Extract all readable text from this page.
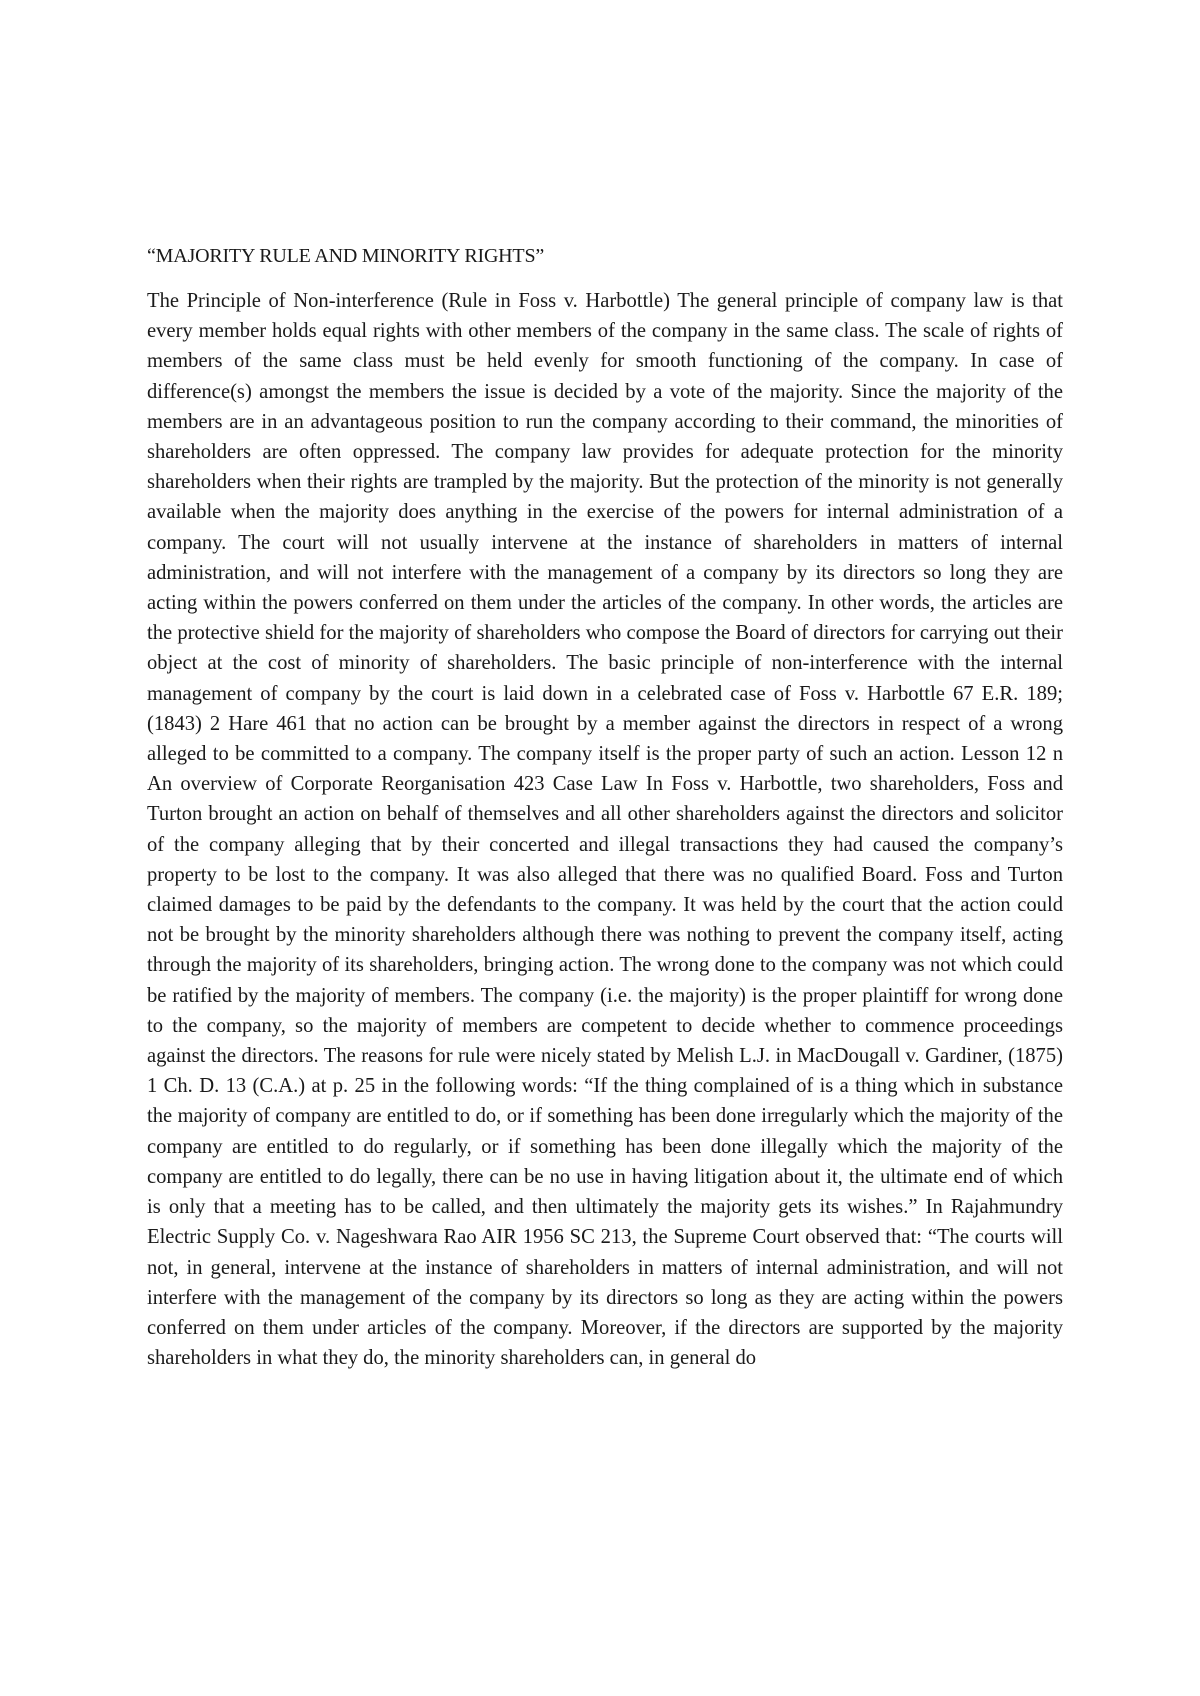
“MAJORITY RULE AND MINORITY RIGHTS”

The Principle of Non-interference (Rule in Foss v. Harbottle) The general principle of company law is that every member holds equal rights with other members of the company in the same class. The scale of rights of members of the same class must be held evenly for smooth functioning of the company. In case of difference(s) amongst the members the issue is decided by a vote of the majority. Since the majority of the members are in an advantageous position to run the company according to their command, the minorities of shareholders are often oppressed. The company law provides for adequate protection for the minority shareholders when their rights are trampled by the majority. But the protection of the minority is not generally available when the majority does anything in the exercise of the powers for internal administration of a company. The court will not usually intervene at the instance of shareholders in matters of internal administration, and will not interfere with the management of a company by its directors so long they are acting within the powers conferred on them under the articles of the company. In other words, the articles are the protective shield for the majority of shareholders who compose the Board of directors for carrying out their object at the cost of minority of shareholders. The basic principle of non-interference with the internal management of company by the court is laid down in a celebrated case of Foss v. Harbottle 67 E.R. 189; (1843) 2 Hare 461 that no action can be brought by a member against the directors in respect of a wrong alleged to be committed to a company. The company itself is the proper party of such an action. Lesson 12 n An overview of Corporate Reorganisation 423 Case Law In Foss v. Harbottle, two shareholders, Foss and Turton brought an action on behalf of themselves and all other shareholders against the directors and solicitor of the company alleging that by their concerted and illegal transactions they had caused the company’s property to be lost to the company. It was also alleged that there was no qualified Board. Foss and Turton claimed damages to be paid by the defendants to the company. It was held by the court that the action could not be brought by the minority shareholders although there was nothing to prevent the company itself, acting through the majority of its shareholders, bringing action. The wrong done to the company was not which could be ratified by the majority of members. The company (i.e. the majority) is the proper plaintiff for wrong done to the company, so the majority of members are competent to decide whether to commence proceedings against the directors. The reasons for rule were nicely stated by Melish L.J. in MacDougall v. Gardiner, (1875) 1 Ch. D. 13 (C.A.) at p. 25 in the following words: “If the thing complained of is a thing which in substance the majority of company are entitled to do, or if something has been done irregularly which the majority of the company are entitled to do regularly, or if something has been done illegally which the majority of the company are entitled to do legally, there can be no use in having litigation about it, the ultimate end of which is only that a meeting has to be called, and then ultimately the majority gets its wishes.” In Rajahmundry Electric Supply Co. v. Nageshwara Rao AIR 1956 SC 213, the Supreme Court observed that: “The courts will not, in general, intervene at the instance of shareholders in matters of internal administration, and will not interfere with the management of the company by its directors so long as they are acting within the powers conferred on them under articles of the company. Moreover, if the directors are supported by the majority shareholders in what they do, the minority shareholders can, in general do
